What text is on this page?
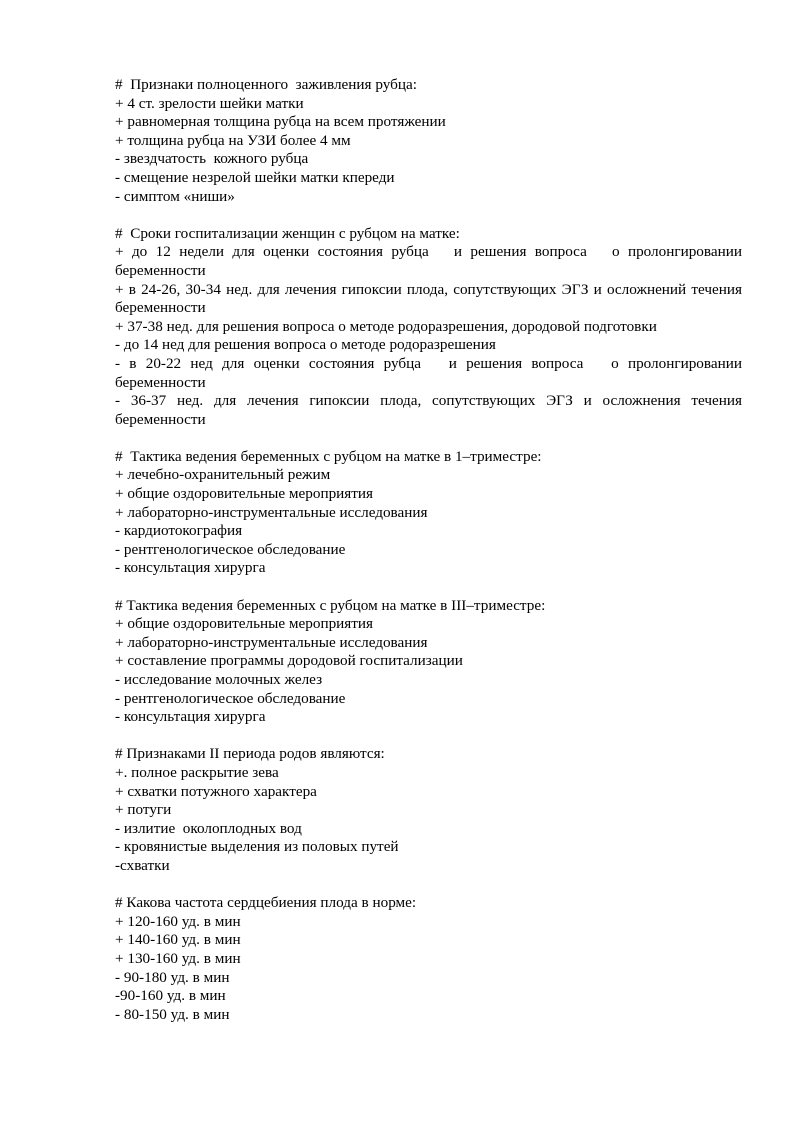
#  Признаки полноценного  заживления рубца:
+ 4 ст. зрелости шейки матки
+ равномерная толщина рубца на всем протяжении
+ толщина рубца на УЗИ более 4 мм
- звездчатость  кожного рубца
- смещение незрелой шейки матки кпереди
- симптом «ниши»
#  Сроки госпитализации женщин с рубцом на матке:
+ до 12 недели для оценки состояния рубца   и решения вопроса   о пролонгировании беременности
+ в 24-26, 30-34 нед. для лечения гипоксии плода, сопутствующих ЭГЗ и осложнений течения беременности
+ 37-38 нед. для решения вопроса о методе родоразрешения, дородовой подготовки
- до 14 нед для решения вопроса о методе родоразрешения
- в 20-22 нед для оценки состояния рубца   и решения вопроса   о пролонгировании беременности
- 36-37 нед. для лечения гипоксии плода, сопутствующих ЭГЗ и осложнения течения беременности
#  Тактика ведения беременных с рубцом на матке в 1–триместре:
+ лечебно-охранительный режим
+ общие оздоровительные мероприятия
+ лабораторно-инструментальные исследования
- кардиотокография
- рентгенологическое обследование
- консультация хирурга
# Тактика ведения беременных с рубцом на матке в III–триместре:
+ общие оздоровительные мероприятия
+ лабораторно-инструментальные исследования
+ составление программы дородовой госпитализации
- исследование молочных желез
- рентгенологическое обследование
- консультация хирурга
# Признаками II периода родов являются:
+. полное раскрытие зева
+ схватки потужного характера
+ потуги
- излитие  околоплодных вод
- кровянистые выделения из половых путей
-схватки
# Какова частота сердцебиения плода в норме:
+ 120-160 уд. в мин
+ 140-160 уд. в мин
+ 130-160 уд. в мин
- 90-180 уд. в мин
-90-160 уд. в мин
- 80-150 уд. в мин
